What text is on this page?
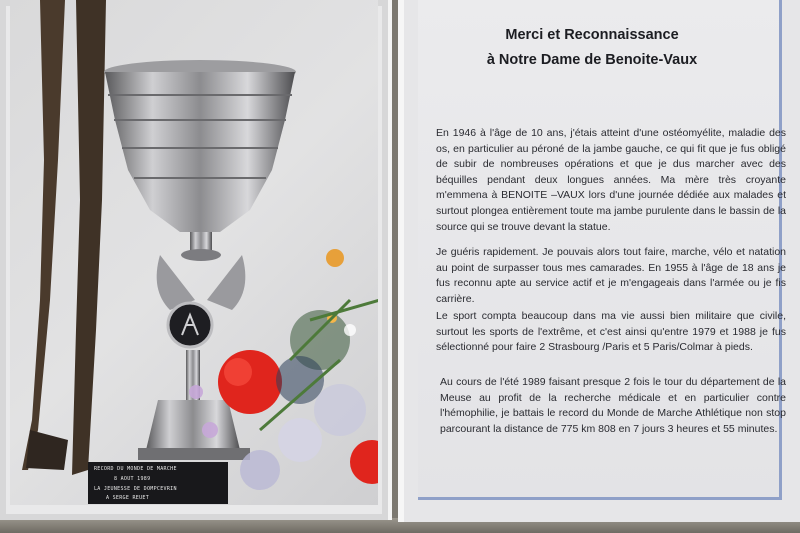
RECORD DU MONDE DE MARCHE
8 AOUT 1989
LA JEUNESSE DE DOMPCEVRIN
A SERGE REUET
Merci et Reconnaissance
à Notre Dame de Benoite-Vaux
En 1946 à l'âge de 10 ans, j'étais atteint d'une ostéomyélite, maladie des os, en particulier au péroné de la jambe gauche, ce qui fit que je fus obligé de subir de nombreuses opérations et que je dus marcher avec des béquilles pendant deux longues années. Ma mère très croyante m'emmena à BENOITE –VAUX lors d'une journée dédiée aux malades et surtout plongea entièrement toute ma jambe purulente dans le bassin de la source qui se trouve devant la statue.
Je guéris rapidement. Je pouvais alors tout faire, marche, vélo et natation au point de surpasser tous mes camarades. En 1955 à l'âge de 18 ans je fus reconnu apte au service actif et je m'engageais dans l'armée ou je fis carrière.
Le sport compta beaucoup dans ma vie aussi bien militaire que civile, surtout les sports de l'extrême, et c'est ainsi qu'entre 1979 et 1988 je fus sélectionné pour faire 2 Strasbourg /Paris et 5 Paris/Colmar à pieds.
Au cours de l'été 1989 faisant presque 2 fois le tour du département de la Meuse au profit de la recherche médicale et en particulier contre l'hémophilie, je battais le record du Monde de Marche Athlétique non stop parcourant la distance de 775 km 808 en 7 jours 3 heures et 55 minutes.
